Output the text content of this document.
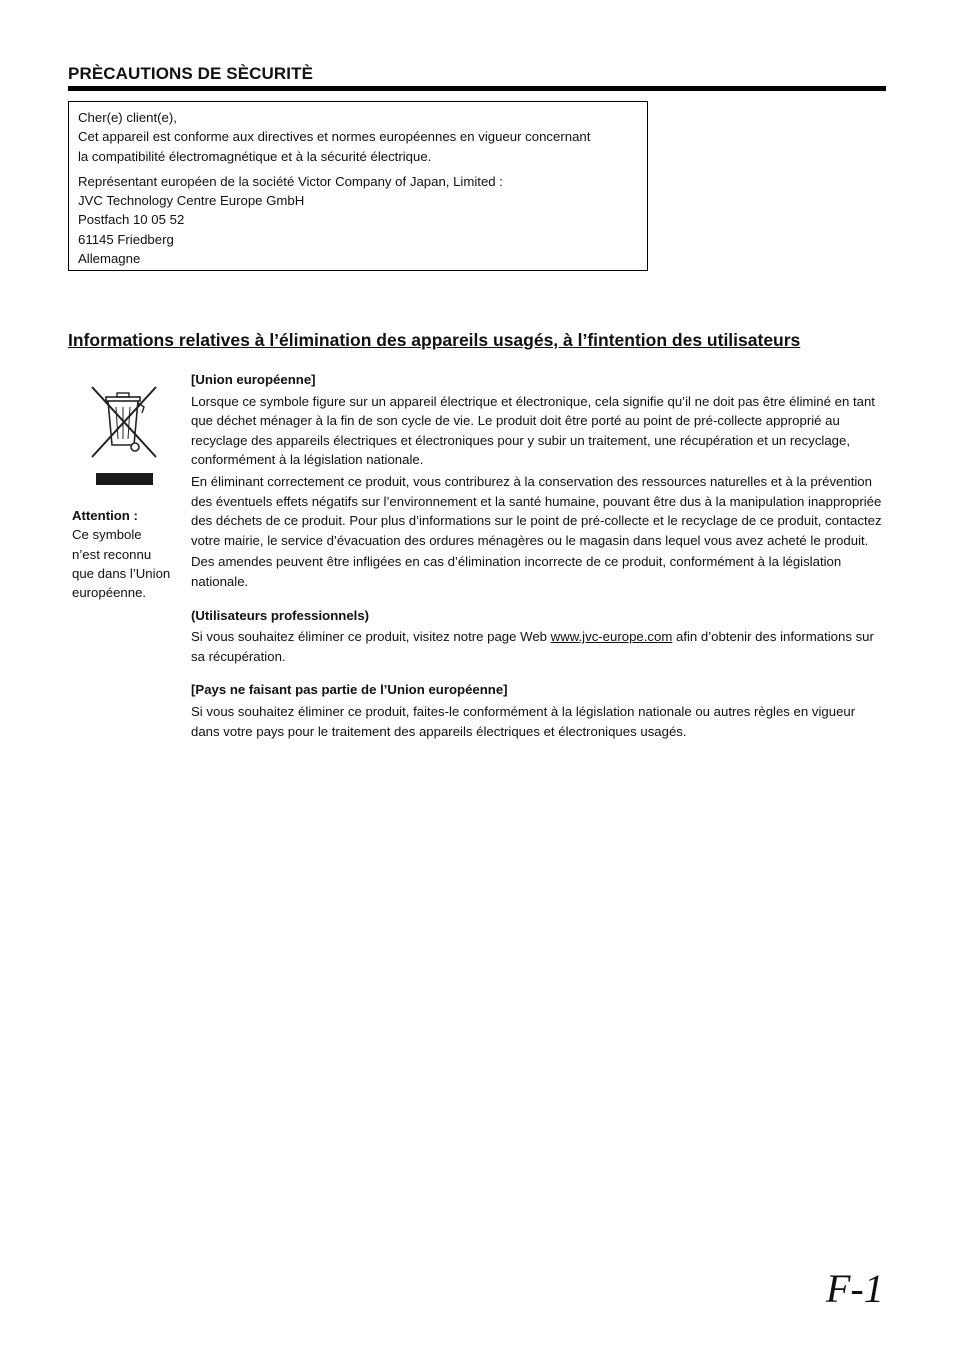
PRÈCAUTIONS DE SÈCURITÈ

Cher(e) client(e),

Cet appareil est conforme aux directives et normes européennes en vigueur concernant

la compatibilité électromagnétique et à la sécurité électrique.

Représentant européen de la société Victor Company of Japan, Limited :

JVC Technology Centre Europe GmbH

Postfach 10 05 52

61145 Friedberg

Allemagne

Informations relatives à l’élimination des appareils usagés, à l’fintention des utilisateurs
Attention :
Ce symbole n’est reconnu que dans l’Union européenne.

[Union européenne]

Lorsque ce symbole figure sur un appareil électrique et électronique, cela signifie qu’il ne doit pas être éliminé en tant que déchet ménager à la fin de son cycle de vie. Le produit doit être porté au point de pré-collecte approprié au recyclage des appareils électriques et électroniques pour y subir un traitement, une récupération et un recyclage, conformément à la législation nationale.

En éliminant correctement ce produit, vous contriburez à la conservation des ressources naturelles et à la prévention des éventuels effets négatifs sur l’environnement et la santé humaine, pouvant être dus à la manipulation inappropriée des déchets de ce produit. Pour plus d’informations sur le point de pré-collecte et le recyclage de ce produit, contactez votre mairie, le service d’évacuation des ordures ménagères ou le magasin dans lequel vous avez acheté le produit.

Des amendes peuvent être infligées en cas d’élimination incorrecte de ce produit, conformément à la législation nationale.

(Utilisateurs professionnels)

Si vous souhaitez éliminer ce produit, visitez notre page Web www.jvc-europe.com afin d’obtenir des informations sur sa récupération.

[Pays ne faisant pas partie de l’Union européenne]

Si vous souhaitez éliminer ce produit, faites-le conformément à la législation nationale ou autres règles en vigueur dans votre pays pour le traitement des appareils électriques et électroniques usagés.

F-1
